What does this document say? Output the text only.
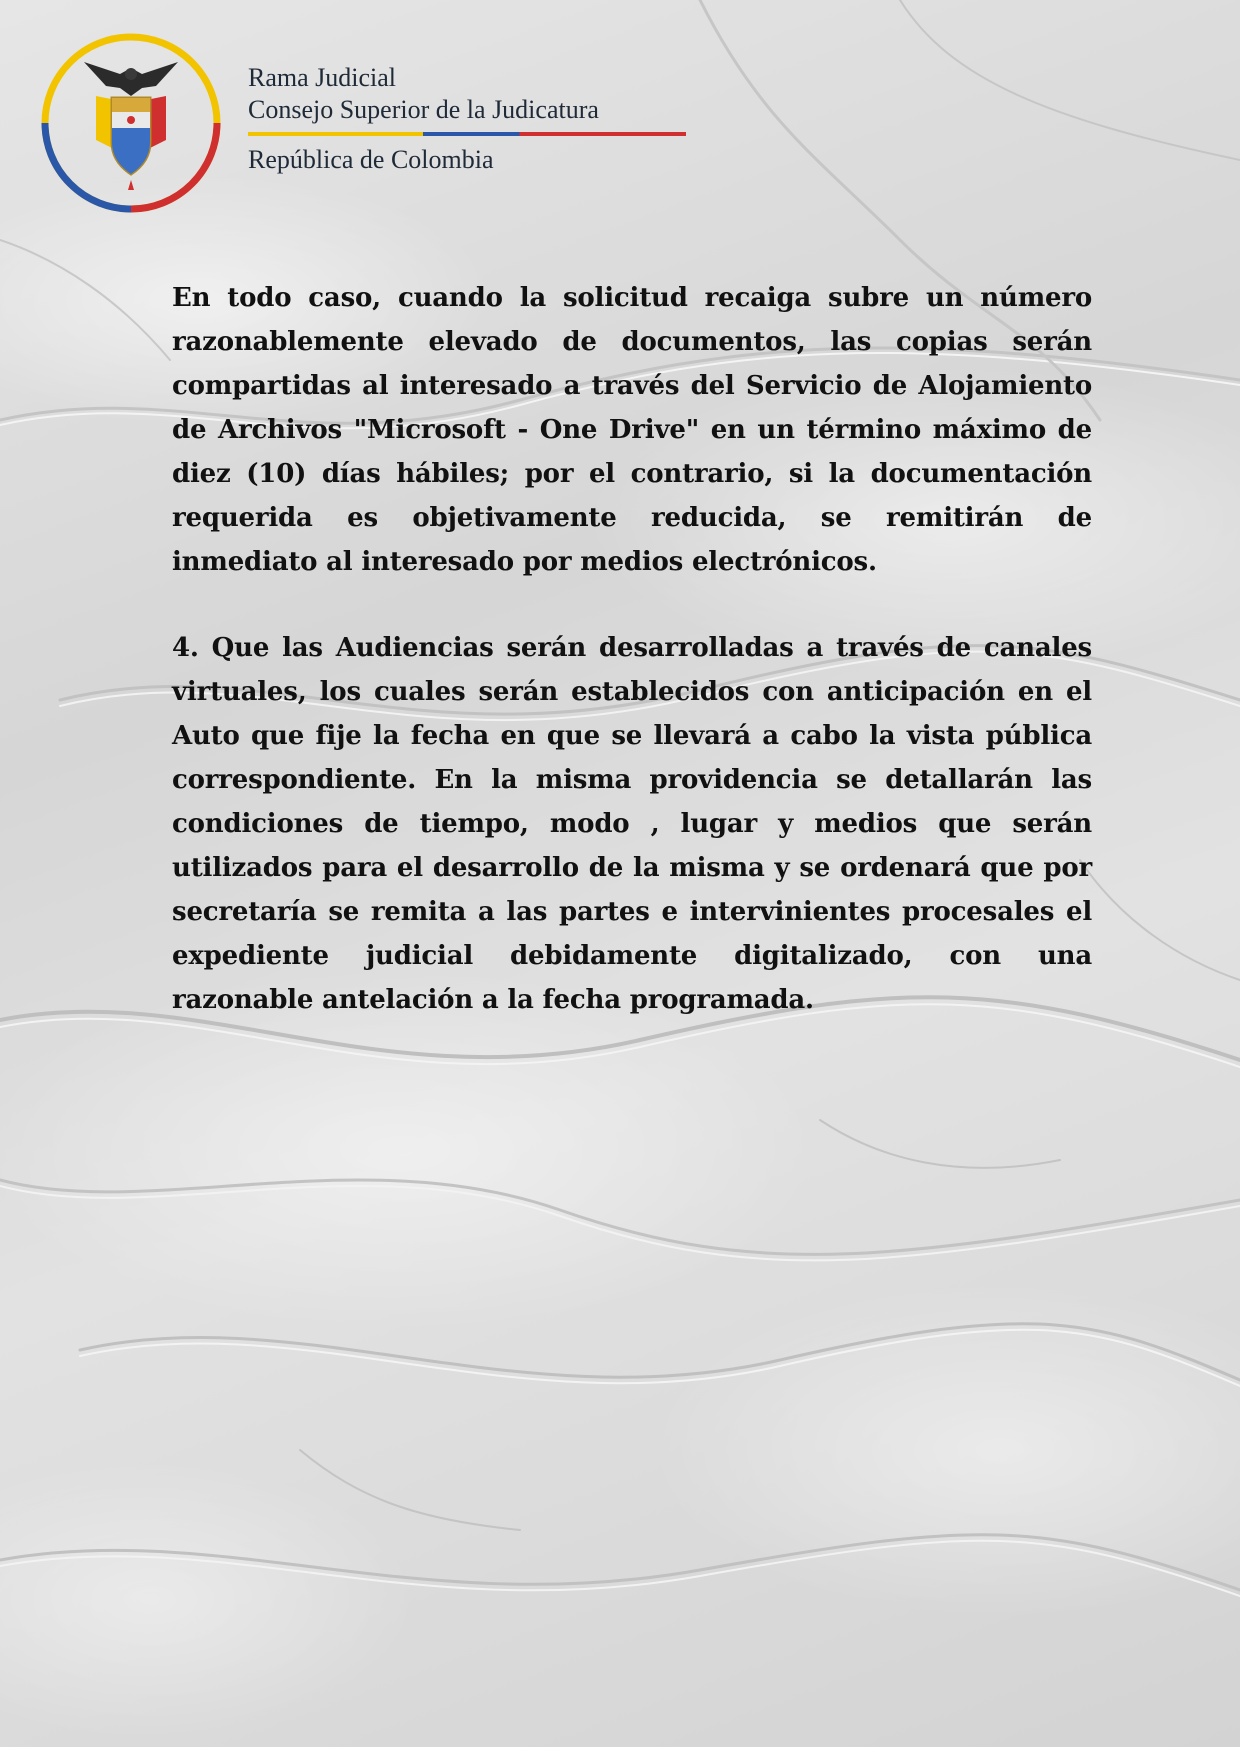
Rama Judicial
Consejo Superior de la Judicatura
República de Colombia

En todo caso, cuando la solicitud recaiga subre un número razonablemente elevado de documentos, las copias serán compartidas al interesado a través del Servicio de Alojamiento de Archivos "Microsoft - One Drive" en un término máximo de diez (10) días hábiles; por el contrario, si la documentación requerida es objetivamente reducida, se remitirán de inmediato al interesado por medios electrónicos.

4. Que las Audiencias serán desarrolladas a través de canales virtuales, los cuales serán establecidos con anticipación en el Auto que fije la fecha en que se llevará a cabo la vista pública correspondiente. En la misma providencia se detallarán las condiciones de tiempo, modo , lugar y medios que serán utilizados para el desarrollo de la misma y se ordenará que por secretaría se remita a las partes e intervinientes procesales el expediente judicial debidamente digitalizado, con una razonable antelación a la fecha programada.
